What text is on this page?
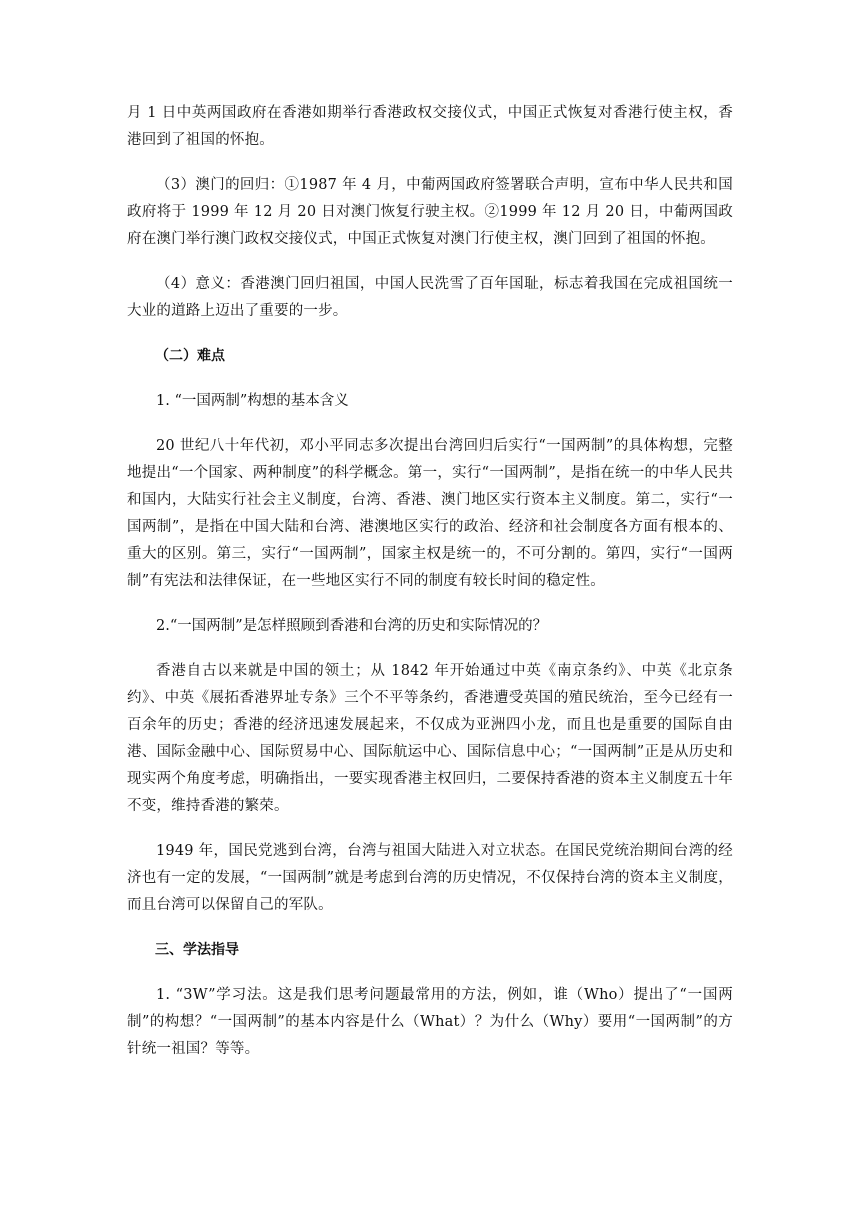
月 1 日中英两国政府在香港如期举行香港政权交接仪式，中国正式恢复对香港行使主权，香港回到了祖国的怀抱。

（3）澳门的回归：①1987 年 4 月，中葡两国政府签署联合声明，宣布中华人民共和国政府将于 1999 年 12 月 20 日对澳门恢复行驶主权。②1999 年 12 月 20 日，中葡两国政府在澳门举行澳门政权交接仪式，中国正式恢复对澳门行使主权，澳门回到了祖国的怀抱。

（4）意义：香港澳门回归祖国，中国人民洗雪了百年国耻，标志着我国在完成祖国统一大业的道路上迈出了重要的一步。

（二）难点

1. “一国两制”构想的基本含义

20 世纪八十年代初，邓小平同志多次提出台湾回归后实行“一国两制”的具体构想，完整地提出“一个国家、两种制度”的科学概念。第一，实行“一国两制”，是指在统一的中华人民共和国内，大陆实行社会主义制度，台湾、香港、澳门地区实行资本主义制度。第二，实行“一国两制”，是指在中国大陆和台湾、港澳地区实行的政治、经济和社会制度各方面有根本的、重大的区别。第三，实行“一国两制”，国家主权是统一的，不可分割的。第四，实行“一国两制”有宪法和法律保证，在一些地区实行不同的制度有较长时间的稳定性。

2.“一国两制”是怎样照顾到香港和台湾的历史和实际情况的？

香港自古以来就是中国的领土；从 1842 年开始通过中英《南京条约》、中英《北京条约》、中英《展拓香港界址专条》三个不平等条约，香港遭受英国的殖民统治，至今已经有一百余年的历史；香港的经济迅速发展起来，不仅成为亚洲四小龙，而且也是重要的国际自由港、国际金融中心、国际贸易中心、国际航运中心、国际信息中心；“一国两制”正是从历史和现实两个角度考虑，明确指出，一要实现香港主权回归，二要保持香港的资本主义制度五十年不变，维持香港的繁荣。

1949 年，国民党逃到台湾，台湾与祖国大陆进入对立状态。在国民党统治期间台湾的经济也有一定的发展，“一国两制”就是考虑到台湾的历史情况，不仅保持台湾的资本主义制度，而且台湾可以保留自己的军队。

三、学法指导

1. “3W”学习法。这是我们思考问题最常用的方法，例如，谁（Who）提出了“一国两制”的构想？“一国两制”的基本内容是什么（What）？为什么（Why）要用“一国两制”的方针统一祖国？等等。
